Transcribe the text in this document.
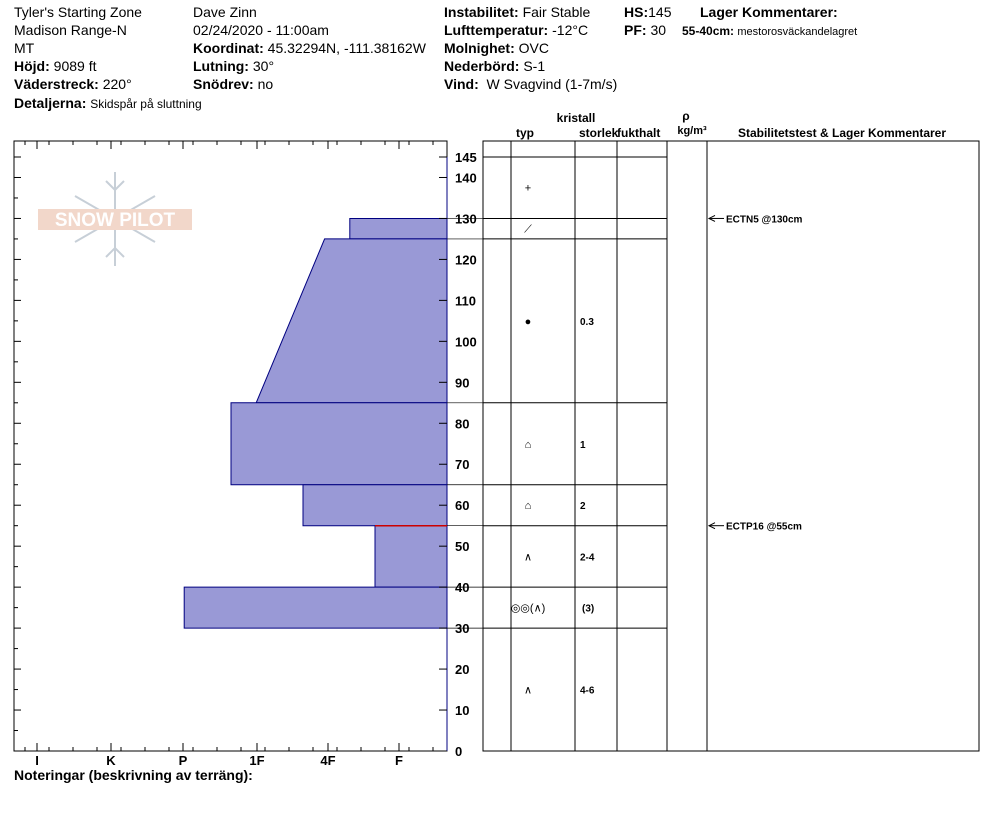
Tyler's Starting Zone
Madison Range-N
MT
Höjd: 9089 ft
Väderstreck: 220°
Detaljerna: Skidspår på sluttning
Dave Zinn
02/24/2020 - 11:00am
Koordinat: 45.32294N, -111.38162W
Lutning: 30°
Snödrev: no
Instabilitet: Fair Stable
Lufttemperatur: -12°C
Molnighet: OVC
Nederbörd: S-1
Vind: W Svagvind (1-7m/s)
HS:145
PF: 30
Lager Kommentarer:
55-40cm: mestorosväckandelagret
Noteringar (beskrivning av terräng):
kristall
typ	storlek
fukthalt
ρ
kg/m³	Stabilitetstest & Lager Kommentarer
SNOW PILOT
0
10
20
30
40
50
60
70
80
90
100
110
120
130
140
145
I	K	P	1F	4F	F
+
⟋
●	0.3
⌂	1
⌂	2
∧	2-4
◎◎(∧)	(3)
∧	4-6
ECTN5 @130cm
ECTP16 @55cm
